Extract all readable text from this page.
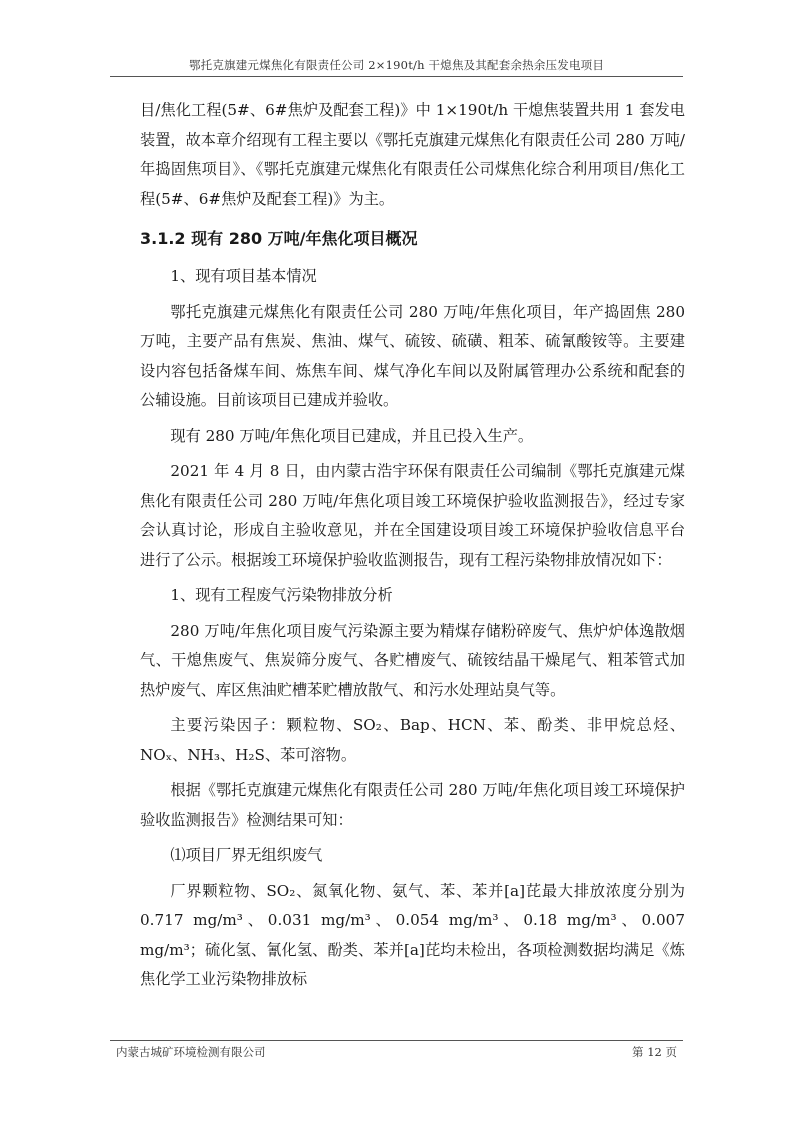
鄂托克旗建元煤焦化有限责任公司 2×190t/h 干熄焦及其配套余热余压发电项目

目/焦化工程(5#、6#焦炉及配套工程)》中 1×190t/h 干熄焦装置共用 1 套发电装置，故本章介绍现有工程主要以《鄂托克旗建元煤焦化有限责任公司 280 万吨/年捣固焦项目》、《鄂托克旗建元煤焦化有限责任公司煤焦化综合利用项目/焦化工程(5#、6#焦炉及配套工程)》为主。

3.1.2 现有 280 万吨/年焦化项目概况

1、现有项目基本情况

鄂托克旗建元煤焦化有限责任公司 280 万吨/年焦化项目，年产捣固焦 280 万吨，主要产品有焦炭、焦油、煤气、硫铵、硫磺、粗苯、硫氰酸铵等。主要建设内容包括备煤车间、炼焦车间、煤气净化车间以及附属管理办公系统和配套的公辅设施。目前该项目已建成并验收。

现有 280 万吨/年焦化项目已建成，并且已投入生产。

2021 年 4 月 8 日，由内蒙古浩宇环保有限责任公司编制《鄂托克旗建元煤焦化有限责任公司 280 万吨/年焦化项目竣工环境保护验收监测报告》，经过专家会认真讨论，形成自主验收意见，并在全国建设项目竣工环境保护验收信息平台进行了公示。根据竣工环境保护验收监测报告，现有工程污染物排放情况如下：

1、现有工程废气污染物排放分析

280 万吨/年焦化项目废气污染源主要为精煤存储粉碎废气、焦炉炉体逸散烟气、干熄焦废气、焦炭筛分废气、各贮槽废气、硫铵结晶干燥尾气、粗苯管式加热炉废气、库区焦油贮槽苯贮槽放散气、和污水处理站臭气等。

主要污染因子：颗粒物、SO₂、Bap、HCN、苯、酚类、非甲烷总烃、NOₓ、NH₃、H₂S、苯可溶物。

根据《鄂托克旗建元煤焦化有限责任公司 280 万吨/年焦化项目竣工环境保护验收监测报告》检测结果可知：

⑴项目厂界无组织废气

厂界颗粒物、SO₂、氮氧化物、氨气、苯、苯并[a]芘最大排放浓度分别为 0.717 mg/m³、0.031 mg/m³、0.054 mg/m³、0.18 mg/m³、0.007 mg/m³；硫化氢、氰化氢、酚类、苯并[a]芘均未检出，各项检测数据均满足《炼焦化学工业污染物排放标

内蒙古城矿环境检测有限公司	第 12 页
